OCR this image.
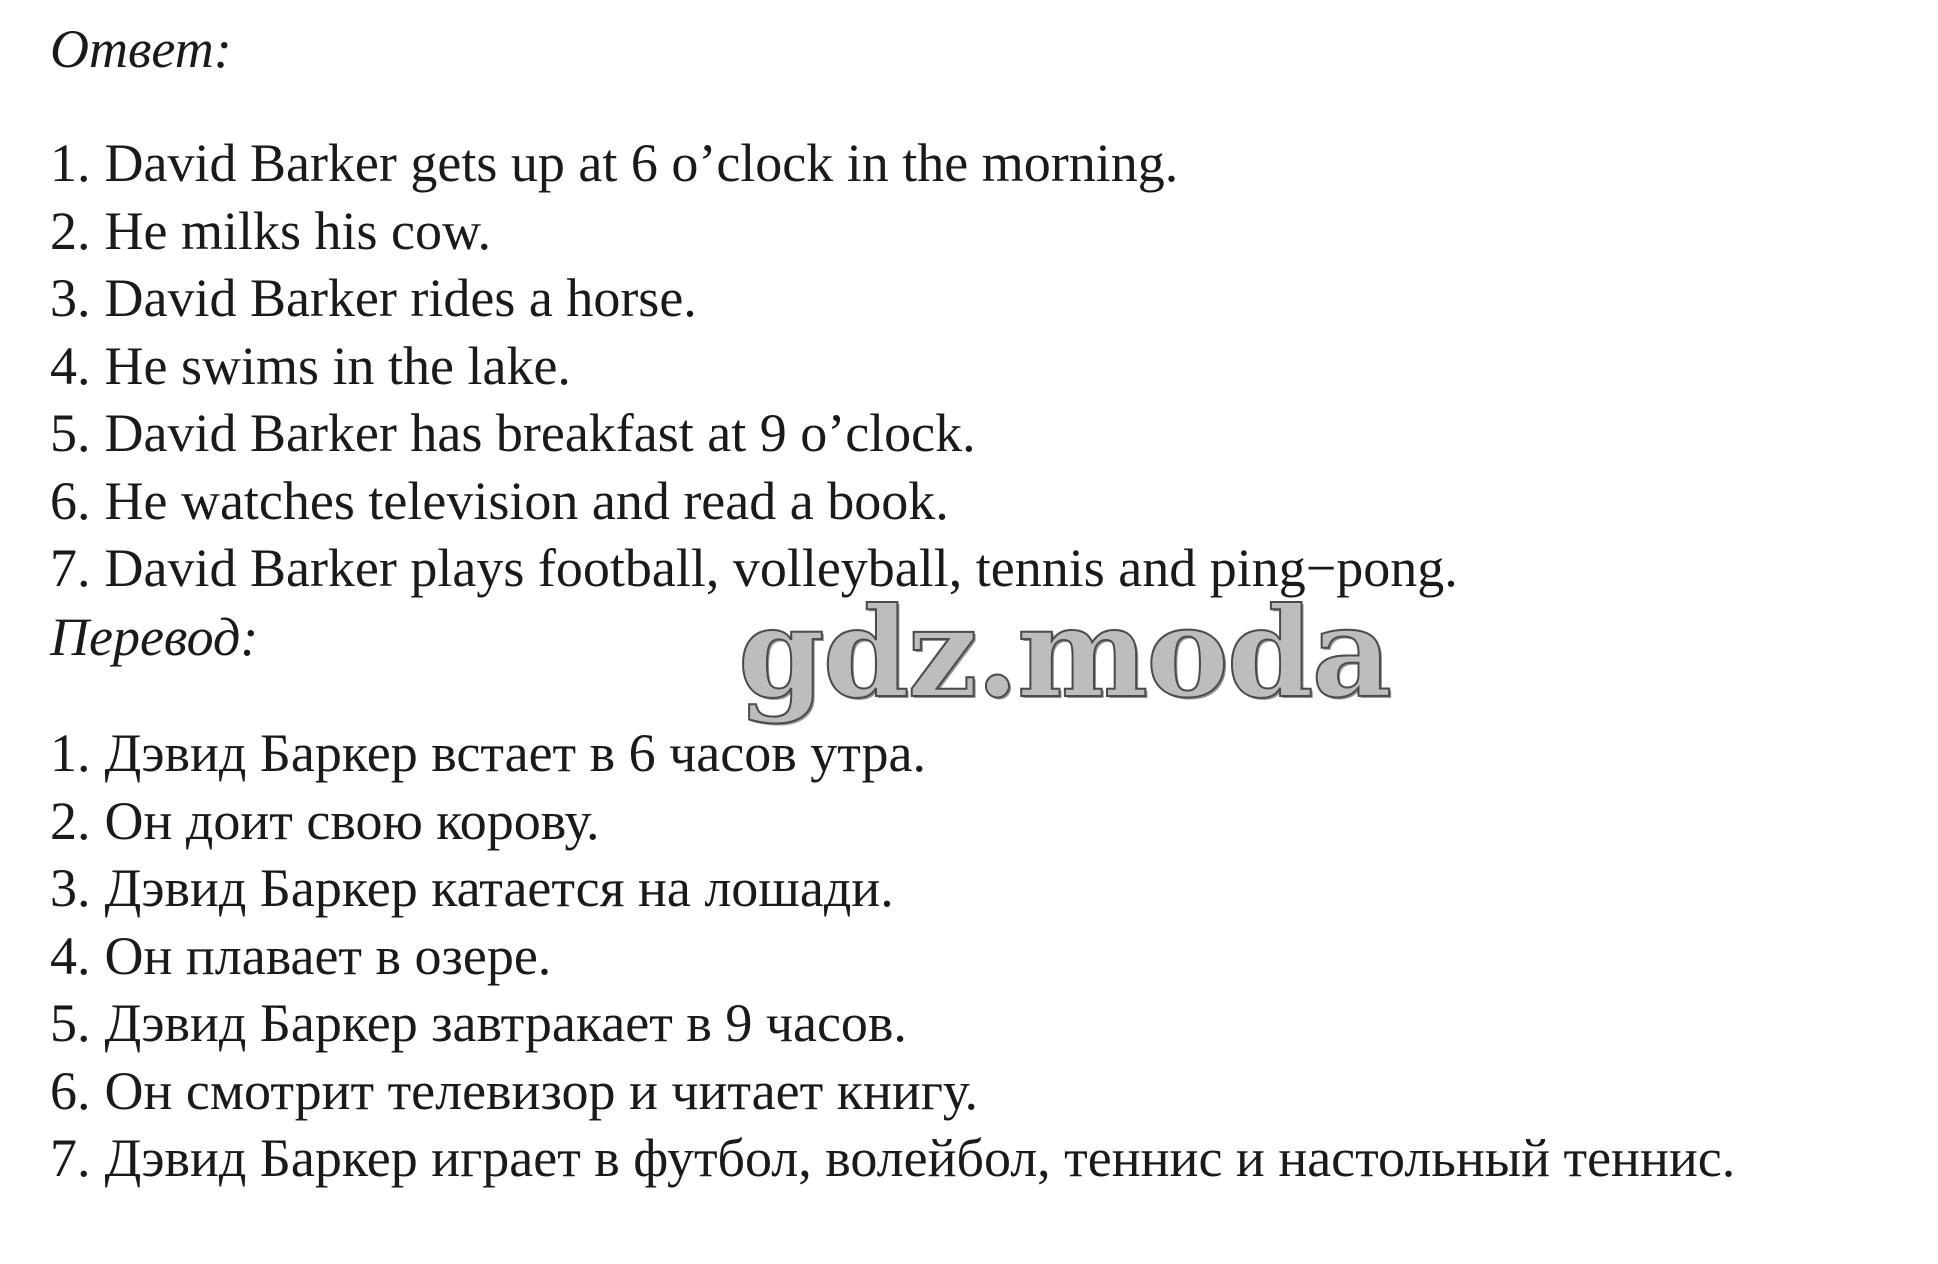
Ответ:
1. David Barker gets up at 6 o’clock in the morning.
2. He milks his cow.
3. David Barker rides a horse.
4. He swims in the lake.
5. David Barker has breakfast at 9 o’clock.
6. He watches television and read a book.
7. David Barker plays football, volleyball, tennis and ping−pong.
Перевод:	gdz.moda
1. Дэвид Баркер встает в 6 часов утра.
2. Он доит свою корову.
3. Дэвид Баркер катается на лошади.
4. Он плавает в озере.
5. Дэвид Баркер завтракает в 9 часов.
6. Он смотрит телевизор и читает книгу.
7. Дэвид Баркер играет в футбол, волейбол, теннис и настольный теннис.
